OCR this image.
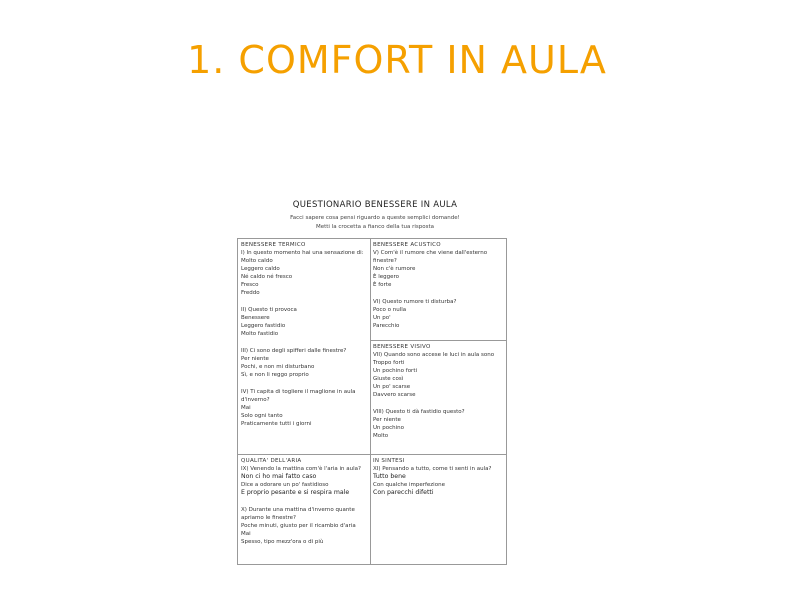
1. COMFORT IN AULA
QUESTIONARIO BENESSERE IN AULA
Facci sapere cosa pensi riguardo a queste semplici domande!
Metti la crocetta a fianco della tua risposta
BENESSERE TERMICO
I) In questo momento hai una sensazione di:
Molto caldo
Leggero caldo
Né caldo né fresco
Fresco
Freddo
II) Questo ti provoca
Benessere
Leggero fastidio
Molto fastidio
III) Ci sono degli spifferi dalle finestre?
Per niente
Pochi, e non mi disturbano
Sì, e non li reggo proprio
IV) Ti capita di togliere il maglione in aula
d'inverno?
Mai
Solo ogni tanto
Praticamente tutti i giorni
BENESSERE ACUSTICO
V) Com'è il rumore che viene dall'esterno
finestre?
Non c'è rumore
È leggero
È forte
VI) Questo rumore ti disturba?
Poco o nulla
Un po'
Parecchio
BENESSERE VISIVO
VII) Quando sono accese le luci in aula sono
Troppo forti
Un pochino forti
Giuste così
Un po' scarse
Davvero scarse
VIII) Questo ti dà fastidio questo?
Per niente
Un pochino
Molto
QUALITA' DELL'ARIA
IX) Venendo la mattina com'è l'aria in aula?
Non ci ho mai fatto caso
Dice a odorare un po' fastidioso
È proprio pesante e si respira male
X) Durante una mattina d'inverno quante
apriamo le finestre?
Poche minuti, giusto per il ricambio d'aria
Mai
Spesso, tipo mezz'ora o di più
IN SINTESI
XI) Pensando a tutto, come ti senti in aula?
Tutto bene
Con qualche imperfezione
Con parecchi difetti
